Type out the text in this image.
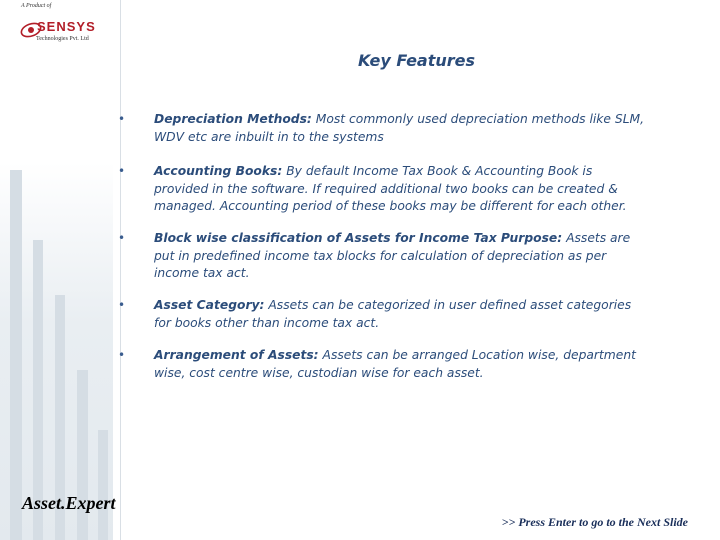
A Product of
SENSYS
Technologies Pvt. Ltd
Key Features
• Depreciation Methods: Most commonly used depreciation methods like SLM, WDV etc are inbuilt in to the systems
• Accounting Books: By default Income Tax Book & Accounting Book is provided in the software. If required additional two books can be created & managed. Accounting period of these books may be different for each other.
• Block wise classification of Assets for Income Tax Purpose: Assets are put in predefined income tax blocks for calculation of depreciation as per income tax act.
• Asset Category: Assets can be categorized in user defined asset categories for books other than income tax act.
• Arrangement of Assets: Assets can be arranged Location wise, department wise, cost centre wise, custodian wise for each asset.
Asset.Expert
>> Press Enter to go to the Next Slide
